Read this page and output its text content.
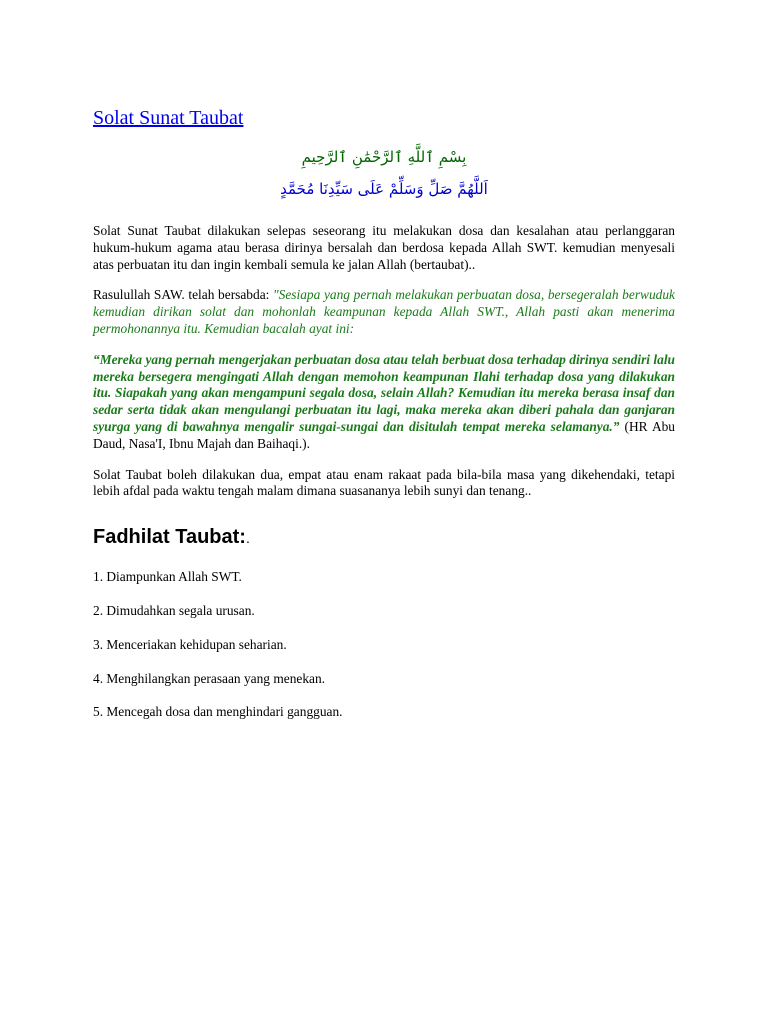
Solat Sunat Taubat
بِسْمِ ٱللَّهِ ٱلرَّحْمَٰنِ ٱلرَّحِيمِ
اَللَّهُمَّ صَلِّ وَسَلِّمْ عَلَى سَيِّدِنَا مُحَمَّدٍ

Solat Sunat Taubat dilakukan selepas seseorang itu melakukan dosa dan kesalahan atau perlanggaran hukum-hukum agama atau berasa dirinya bersalah dan berdosa kepada Allah SWT. kemudian menyesali atas perbuatan itu dan ingin kembali semula ke jalan Allah (bertaubat)..

Rasulullah SAW. telah bersabda: "Sesiapa yang pernah melakukan perbuatan dosa, bersegeralah berwuduk kemudian dirikan solat dan mohonlah keampunan kepada Allah SWT., Allah pasti akan menerima permohonannya itu. Kemudian bacalah ayat ini:

“Mereka yang pernah mengerjakan perbuatan dosa atau telah berbuat dosa terhadap dirinya sendiri lalu mereka bersegera mengingati Allah dengan memohon keampunan Ilahi terhadap dosa yang dilakukan itu. Siapakah yang akan mengampuni segala dosa, selain Allah? Kemudian itu mereka berasa insaf dan sedar serta tidak akan mengulangi perbuatan itu lagi, maka mereka akan diberi pahala dan ganjaran syurga yang di bawahnya mengalir sungai-sungai dan disitulah tempat mereka selamanya.” (HR Abu Daud, Nasa'I, Ibnu Majah dan Baihaqi.).

Solat Taubat boleh dilakukan dua, empat atau enam rakaat pada bila-bila masa yang dikehendaki, tetapi lebih afdal pada waktu tengah malam dimana suasananya lebih sunyi dan tenang..

Fadhilat Taubat:.
1. Diampunkan Allah SWT.
2. Dimudahkan segala urusan.
3. Menceriakan kehidupan seharian.
4. Menghilangkan perasaan yang menekan.
5. Mencegah dosa dan menghindari gangguan.
